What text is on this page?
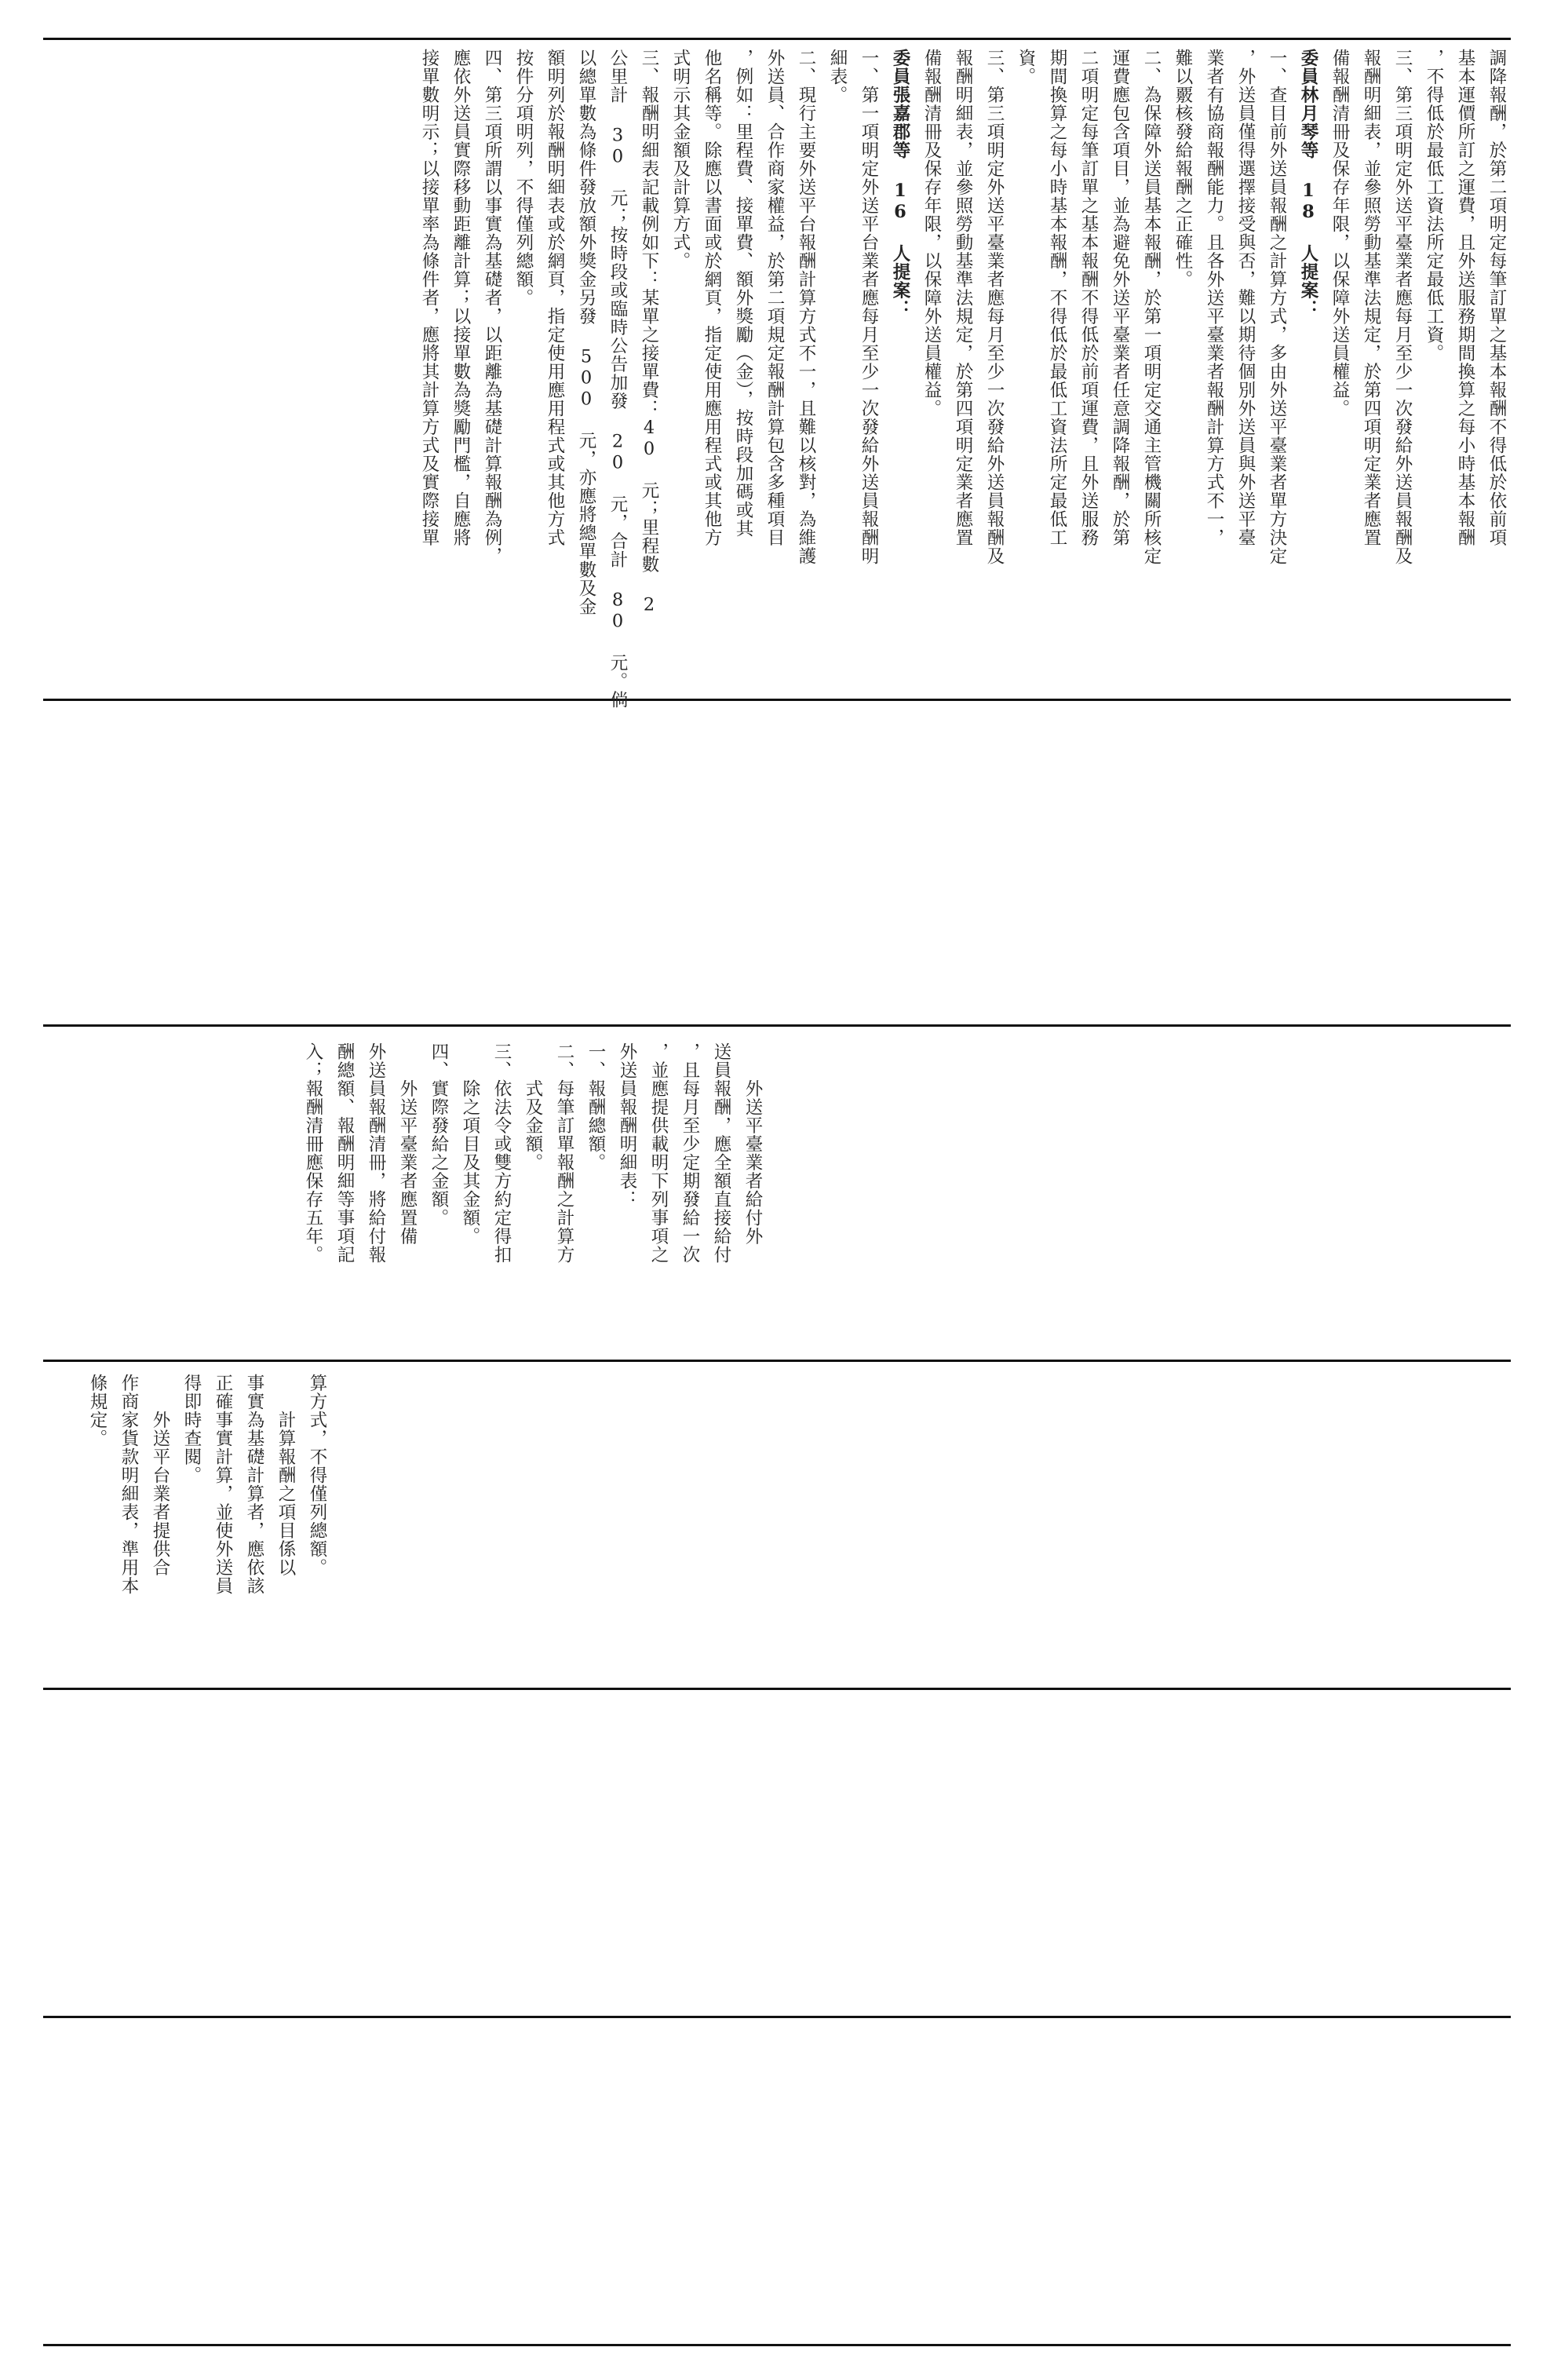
調降報酬，於第二項明定每筆訂單之基本報酬不得低於依前項

基本運價所訂之運費，且外送服務期間換算之每小時基本報酬

，不得低於最低工資法所定最低工資。

三、第三項明定外送平臺業者應每月至少一次發給外送員報酬及

報酬明細表，並參照勞動基準法規定，於第四項明定業者應置

備報酬清冊及保存年限，以保障外送員權益。

委員林月琴等 18 人提案：

一、查目前外送員報酬之計算方式，多由外送平臺業者單方決定

，外送員僅得選擇接受與否，難以期待個別外送員與外送平臺

業者有協商報酬能力。且各外送平臺業者報酬計算方式不一，

難以覈核發給報酬之正確性。

二、為保障外送員基本報酬，於第一項明定交通主管機關所核定

運費應包含項目，並為避免外送平臺業者任意調降報酬，於第

二項明定每筆訂單之基本報酬不得低於前項運費，且外送服務

期間換算之每小時基本報酬，不得低於最低工資法所定最低工

資。

三、第三項明定外送平臺業者應每月至少一次發給外送員報酬及

報酬明細表，並參照勞動基準法規定，於第四項明定業者應置

備報酬清冊及保存年限，以保障外送員權益。

委員張嘉郡等 16 人提案：

一、第一項明定外送平台業者應每月至少一次發給外送員報酬明

細表。

二、現行主要外送平台報酬計算方式不一，且難以核對，為維護

外送員、合作商家權益，於第二項規定報酬計算包含多種項目

，例如：里程費、接單費、額外獎勵（金），按時段加碼或其

他名稱等。除應以書面或於網頁，指定使用應用程式或其他方

式明示其金額及計算方式。

三、報酬明細表記載例如下：某單之接單費：40 元；里程數 2

公里計 30 元；按時段或臨時公告加發 20 元，合計 80 元。倘

以總單數為條件發放額外獎金另發 500 元，亦應將總單數及金

額明列於報酬明細表或於網頁，指定使用應用程式或其他方式

按件分項明列，不得僅列總額。

四、第三項所謂以事實為基礎者，以距離為基礎計算報酬為例，

應依外送員實際移動距離計算；以接單數為獎勵門檻，自應將

接單數明示；以接單率為條件者，應將其計算方式及實際接單

　　外送平臺業者給付外

送員報酬，應全額直接給付

，且每月至少定期發給一次

，並應提供載明下列事項之

外送員報酬明細表：

一、報酬總額。

二、每筆訂單報酬之計算方

　　式及金額。

三、依法令或雙方約定得扣

　　除之項目及其金額。

四、實際發給之金額。

　　外送平臺業者應置備

外送員報酬清冊，將給付報

酬總額、報酬明細等事項記

入；報酬清冊應保存五年。

算方式，不得僅列總額。

　　計算報酬之項目係以

事實為基礎計算者，應依該

正確事實計算，並使外送員

得即時查閱。

　　外送平台業者提供合

作商家貨款明細表，準用本

條規定。
